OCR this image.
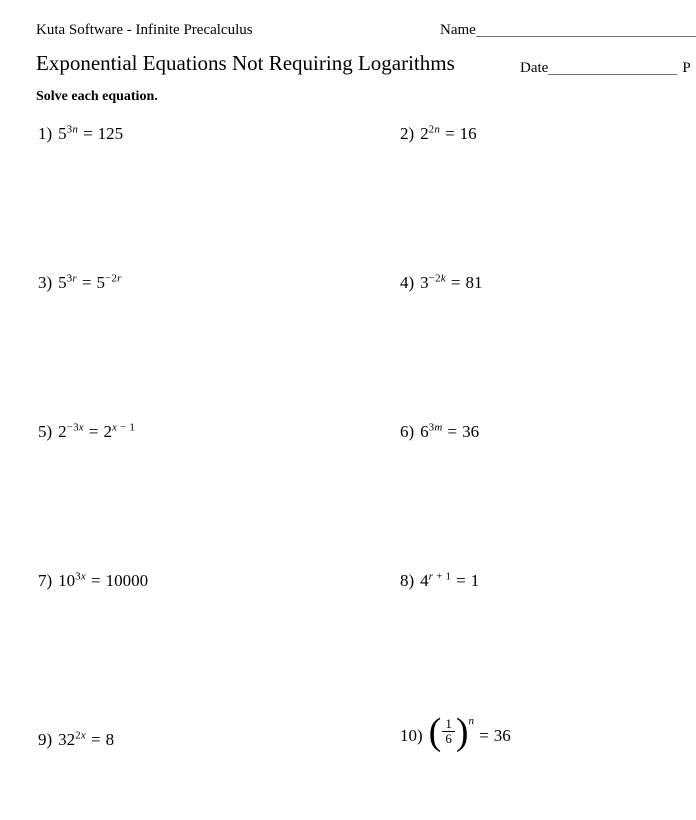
Kuta Software - Infinite Precalculus	Name
Exponential Equations Not Requiring Logarithms	Date	P
Solve each equation.
1) $5^{3n} = 125$	2) $2^{2n} = 16$
3) $5^{3r} = 5^{-2r}$	4) $3^{-2k} = 81$
5) $2^{-3x} = 2^{x - 1}$	6) $6^{3m} = 36$
7) $10^{3x} = 10000$	8) $4^{r + 1} = 1$
9) $32^{2x} = 8$	10) ( $\frac{1}{6} )^n= 36$
